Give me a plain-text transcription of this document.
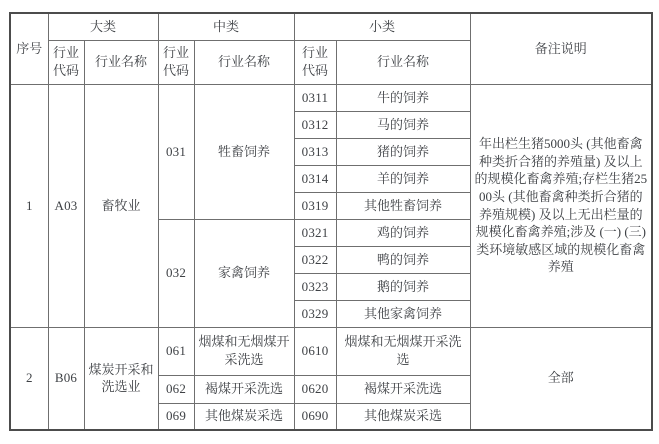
序号	大类		中类		小类		备注说明
	行业代码	行业名称	行业代码	行业名称	行业代码	行业名称	
1	A03	畜牧业	031	牲畜饲养	0311	牛的饲养	年出栏生猪5000头 (其他畜禽种类折合猪的养殖量) 及以上的规模化畜禽养殖;存栏生猪2500头 (其他畜禽种类折合猪的养殖规模) 及以上无出栏量的规模化畜禽养殖;涉及 (一) (三) 类环境敏感区域的规模化畜禽养殖
					0312	马的饲养	
					0313	猪的饲养	
					0314	羊的饲养	
					0319	其他牲畜饲养	
			032	家禽饲养	0321	鸡的饲养	
					0322	鸭的饲养	
					0323	鹅的饲养	
					0329	其他家禽饲养	
2	B06	煤炭开采和洗选业	061	烟煤和无烟煤开采洗选	0610	烟煤和无烟煤开采洗选	全部
			062	褐煤开采洗选	0620	褐煤开采洗选	
			069	其他煤炭采选	0690	其他煤炭采选	
